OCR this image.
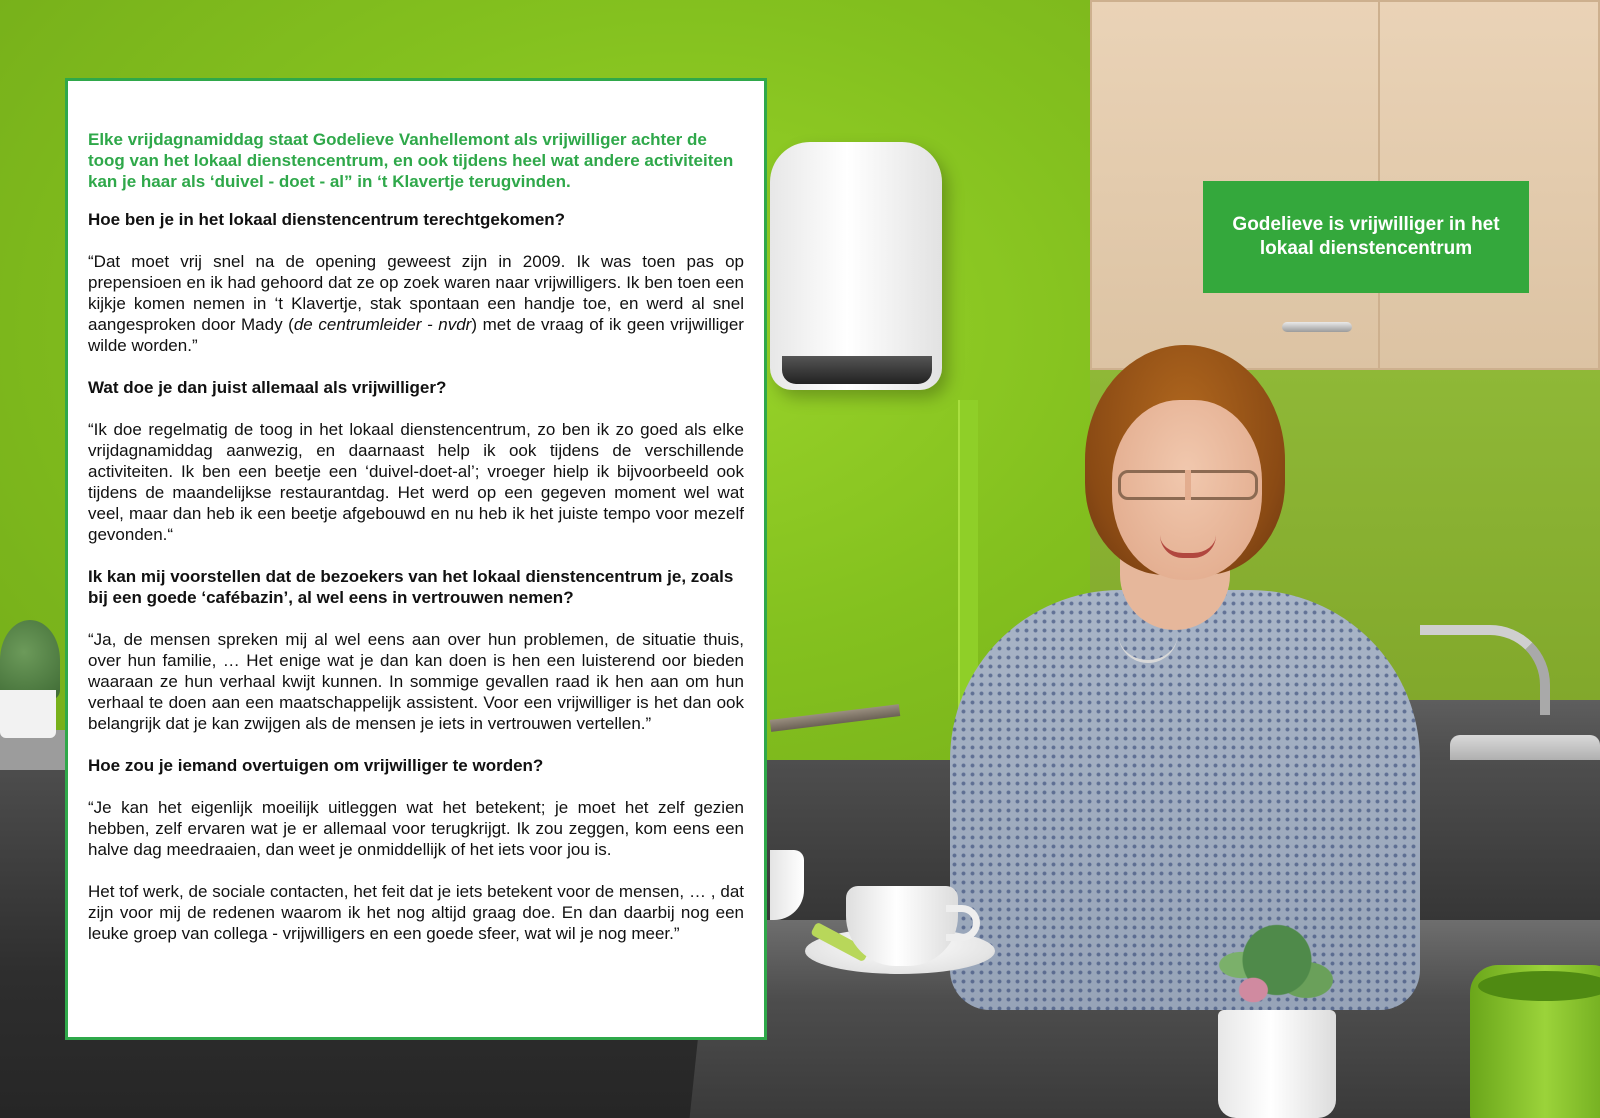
Elke vrijdagnamiddag staat Godelieve Vanhellemont als vrijwilliger achter de toog van het lokaal dienstencentrum, en ook tijdens heel wat andere activiteiten kan je haar als ‘duivel - doet - al” in ‘t Klavertje terugvinden.

Hoe ben je in het lokaal dienstencentrum terechtgekomen?

“Dat moet vrij snel na de opening geweest zijn in 2009. Ik was toen pas op prepensioen en ik had gehoord dat ze op zoek waren naar vrijwilligers. Ik ben toen een kijkje komen nemen in ‘t Klavertje, stak spontaan een handje toe, en werd al snel aangesproken door Mady (de centrumleider - nvdr) met de vraag of ik geen vrijwilliger wilde worden.”

Wat doe je dan juist allemaal als vrijwilliger?

“Ik doe regelmatig de toog in het lokaal dienstencentrum, zo ben ik zo goed als elke vrijdagnamiddag aanwezig, en daarnaast help ik ook tijdens de verschillende activiteiten. Ik ben een beetje een ‘duivel-doet-al’; vroeger hielp ik bijvoorbeeld ook tijdens de maandelijkse restaurantdag. Het werd op een gegeven moment wel wat veel, maar dan heb ik een beetje afgebouwd en nu heb ik het juiste tempo voor mezelf gevonden.“

Ik kan mij voorstellen dat de bezoekers van het lokaal dienstencentrum je, zoals bij een goede ‘cafébazin’, al wel eens in vertrouwen nemen?

“Ja, de mensen spreken mij al wel eens aan over hun problemen, de situatie thuis, over hun familie, … Het enige wat je dan kan doen is hen een luisterend oor bieden waaraan ze hun verhaal kwijt kunnen. In sommige gevallen raad ik hen aan om hun verhaal te doen aan een maatschappelijk assistent. Voor een vrijwilliger is het dan ook belangrijk dat je kan zwijgen als de mensen je iets in vertrouwen vertellen.”

Hoe zou je iemand overtuigen om vrijwilliger te worden?

“Je kan het eigenlijk moeilijk uitleggen wat het betekent; je moet het zelf gezien hebben, zelf ervaren wat je er allemaal voor terugkrijgt. Ik zou zeggen, kom eens een halve dag meedraaien, dan weet je onmiddellijk of het iets voor jou is.

Het tof werk, de sociale contacten, het feit dat je iets betekent voor de mensen, … , dat zijn voor mij de redenen waarom ik het nog altijd graag doe. En dan daarbij nog een leuke groep van collega - vrijwilligers en een goede sfeer, wat wil je nog meer.”

Godelieve is vrijwilliger in het lokaal dienstencentrum
